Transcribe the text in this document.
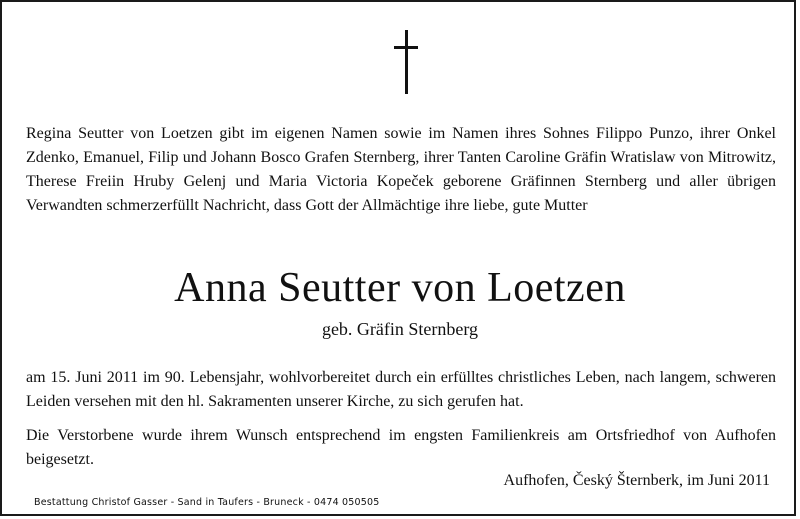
Regina Seutter von Loetzen gibt im eigenen Namen sowie im Namen ihres Sohnes Filippo Punzo, ihrer Onkel Zdenko, Emanuel, Filip und Johann Bosco Grafen Sternberg, ihrer Tanten Caroline Gräfin Wratislaw von Mitrowitz, Therese Freiin Hruby Gelenj und Maria Victoria Kopeček geborene Gräfinnen Sternberg und aller übrigen Verwandten schmerzerfüllt Nachricht, dass Gott der Allmächtige ihre liebe, gute Mutter

Anna Seutter von Loetzen
geb. Gräfin Sternberg

am 15. Juni 2011 im 90. Lebensjahr, wohlvorbereitet durch ein erfülltes christliches Leben, nach langem, schweren Leiden versehen mit den hl. Sakramenten unserer Kirche, zu sich gerufen hat.

Die Verstorbene wurde ihrem Wunsch entsprechend im engsten Familienkreis am Ortsfriedhof von Aufhofen beigesetzt.

Aufhofen, Český Šternberk, im Juni 2011
Bestattung Christof Gasser - Sand in Taufers - Bruneck - 0474 050505
